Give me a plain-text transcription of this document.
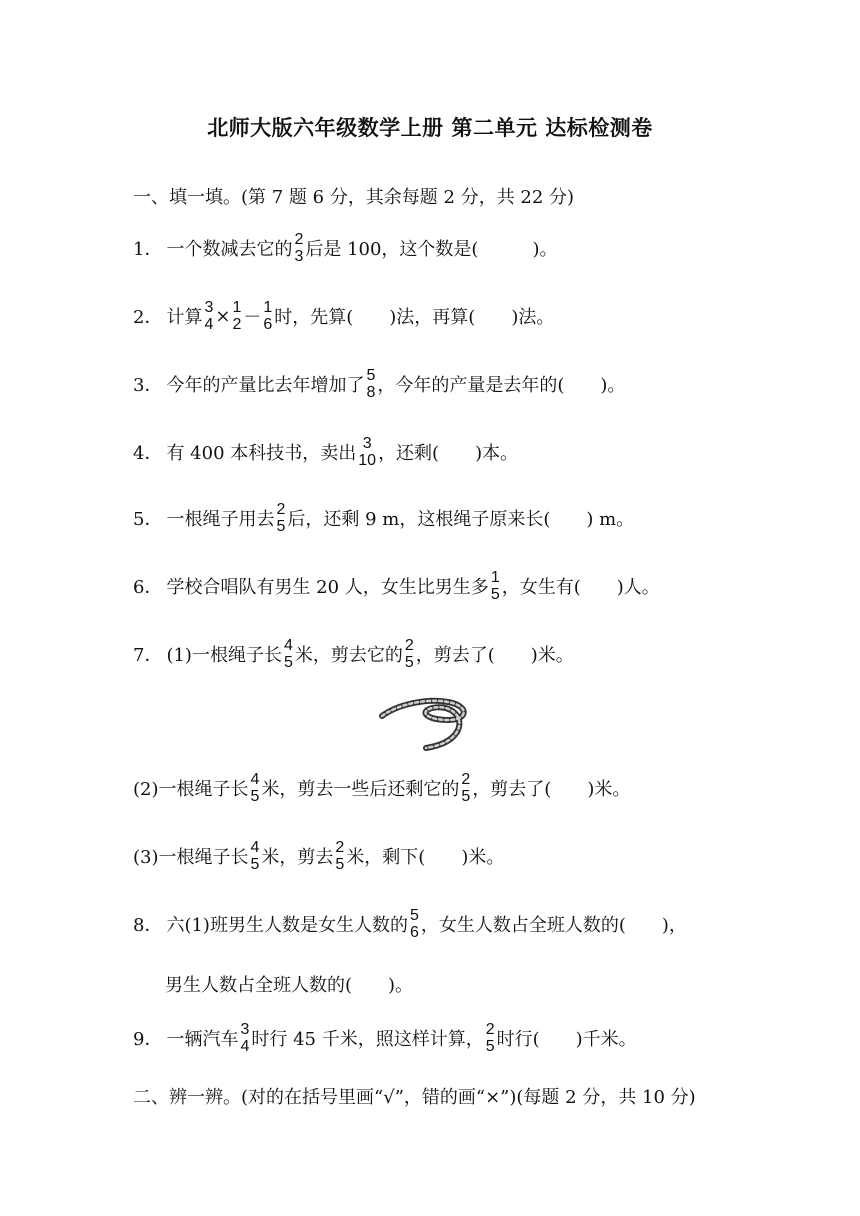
北师大版六年级数学上册 第二单元 达标检测卷
一、填一填。(第 7 题 6 分，其余每题 2 分，共 22 分)
1． 一个数减去它的 2
3 后是 100，这个数是(　　　)。
2． 计算 3
4 × 1
2 － 1
6 时，先算(　　)法，再算(　　)法。
3． 今年的产量比去年增加了 5
8 ，今年的产量是去年的(　　)。
4． 有 400 本科技书，卖出 3
10 ，还剩(　　)本。
5． 一根绳子用去 2
5 后，还剩 9 m，这根绳子原来长(　　) m。
6． 学校合唱队有男生 20 人，女生比男生多 1
5 ，女生有(　　)人。
7． (1)一根绳子长 4
5 米，剪去它的 2
5 ，剪去了(　　)米。
(2)一根绳子长 4
5 米，剪去一些后还剩它的 2
5 ，剪去了(　　)米。
(3)一根绳子长 4
5 米，剪去 2
5 米，剩下(　　)米。
8． 六(1)班男生人数是女生人数的 5
6 ，女生人数占全班人数的(　　)，
男生人数占全班人数的(　　)。
9． 一辆汽车 3
4 时行 45 千米，照这样计算， 2
5 时行(　　)千米。
二、辨一辨。(对的在括号里画“√”，错的画“×”)(每题 2 分，共 10 分)
